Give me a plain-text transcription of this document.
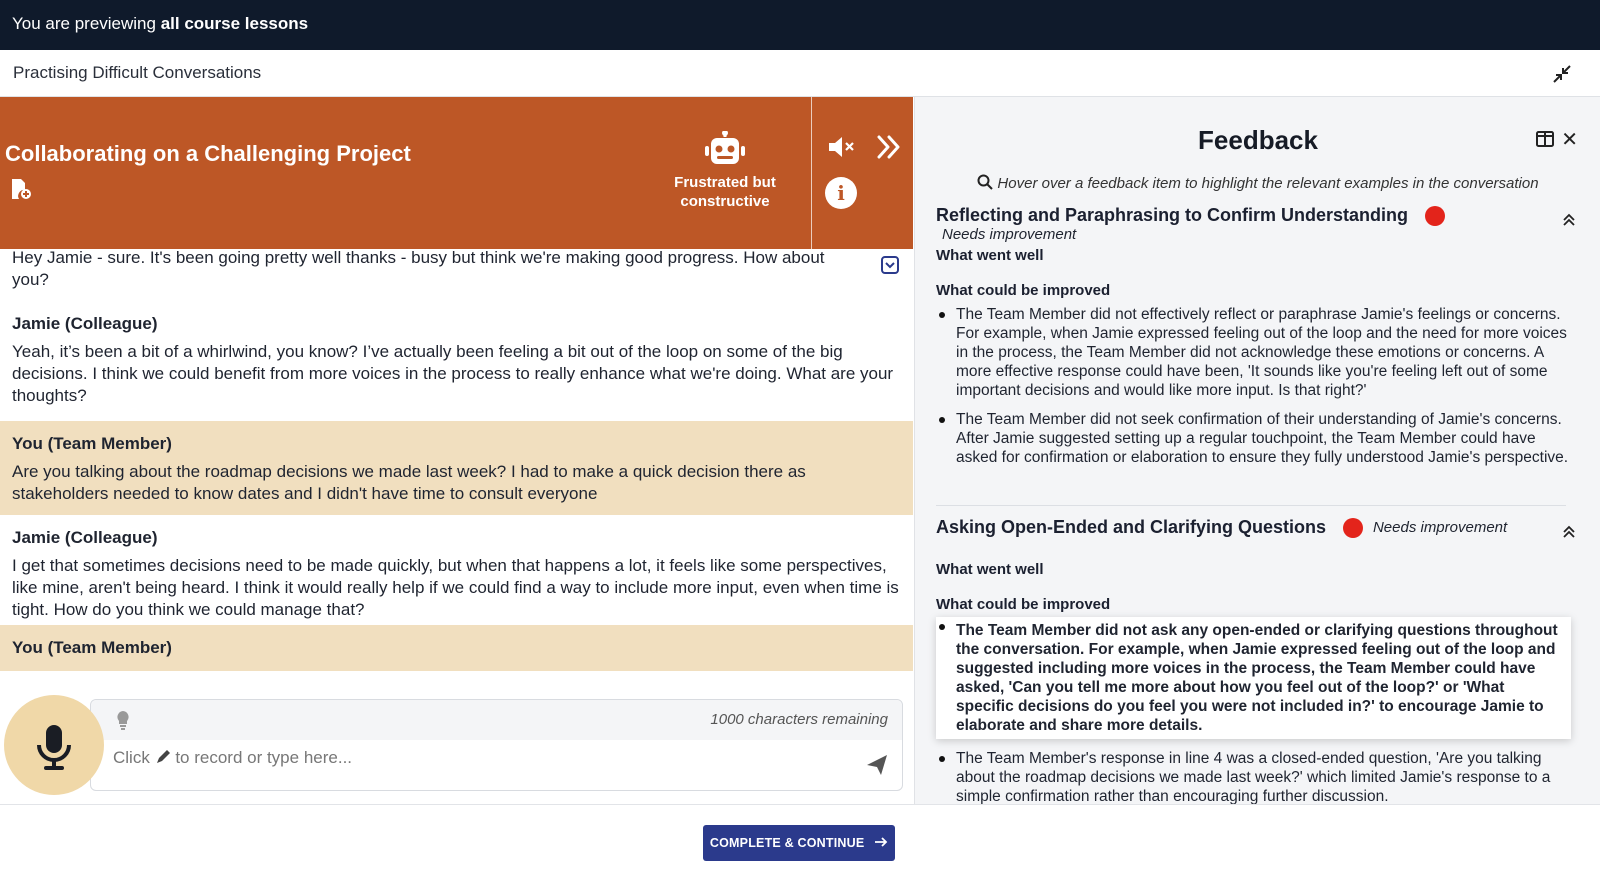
You are previewing all course lessons
Practising Difficult Conversations
Collaborating on a Challenging Project
Frustrated but constructive	i
Hey Jamie - sure. It's been going pretty well thanks - busy but think we're making good progress. How about you?
Jamie (Colleague)
Yeah, it’s been a bit of a whirlwind, you know? I’ve actually been feeling a bit out of the loop on some of the big decisions. I think we could benefit from more voices in the process to really enhance what we're doing. What are your thoughts?
You (Team Member)
Are you talking about the roadmap decisions we made last week? I had to make a quick decision there as stakeholders needed to know dates and I didn't have time to consult everyone
Jamie (Colleague)
I get that sometimes decisions need to be made quickly, but when that happens a lot, it feels like some perspectives, like mine, aren't being heard. I think it would really help if we could find a way to include more input, even when time is tight. How do you think we could manage that?
You (Team Member)
1000 characters remaining
Click to record or type here...
Feedback	✕
Hover over a feedback item to highlight the relevant examples in the conversation
Reflecting and Paraphrasing to Confirm Understanding  Needs improvement
What went well
What could be improved
The Team Member did not effectively reflect or paraphrase Jamie's feelings or concerns. For example, when Jamie expressed feeling out of the loop and the need for more voices in the process, the Team Member did not acknowledge these emotions or concerns. A more effective response could have been, 'It sounds like you're feeling left out of some important decisions and would like more input. Is that right?'
The Team Member did not seek confirmation of their understanding of Jamie's concerns. After Jamie suggested setting up a regular touchpoint, the Team Member could have asked for confirmation or elaboration to ensure they fully understood Jamie's perspective.
Asking Open-Ended and Clarifying Questions	Needs improvement
What went well
What could be improved
The Team Member did not ask any open-ended or clarifying questions throughout the conversation. For example, when Jamie expressed feeling out of the loop and suggested including more voices in the process, the Team Member could have asked, 'Can you tell me more about how you feel out of the loop?' or 'What specific decisions do you feel you were not included in?' to encourage Jamie to elaborate and share more details.
The Team Member's response in line 4 was a closed-ended question, 'Are you talking about the roadmap decisions we made last week?' which limited Jamie's response to a simple confirmation rather than encouraging further discussion.
COMPLETE & CONTINUE
